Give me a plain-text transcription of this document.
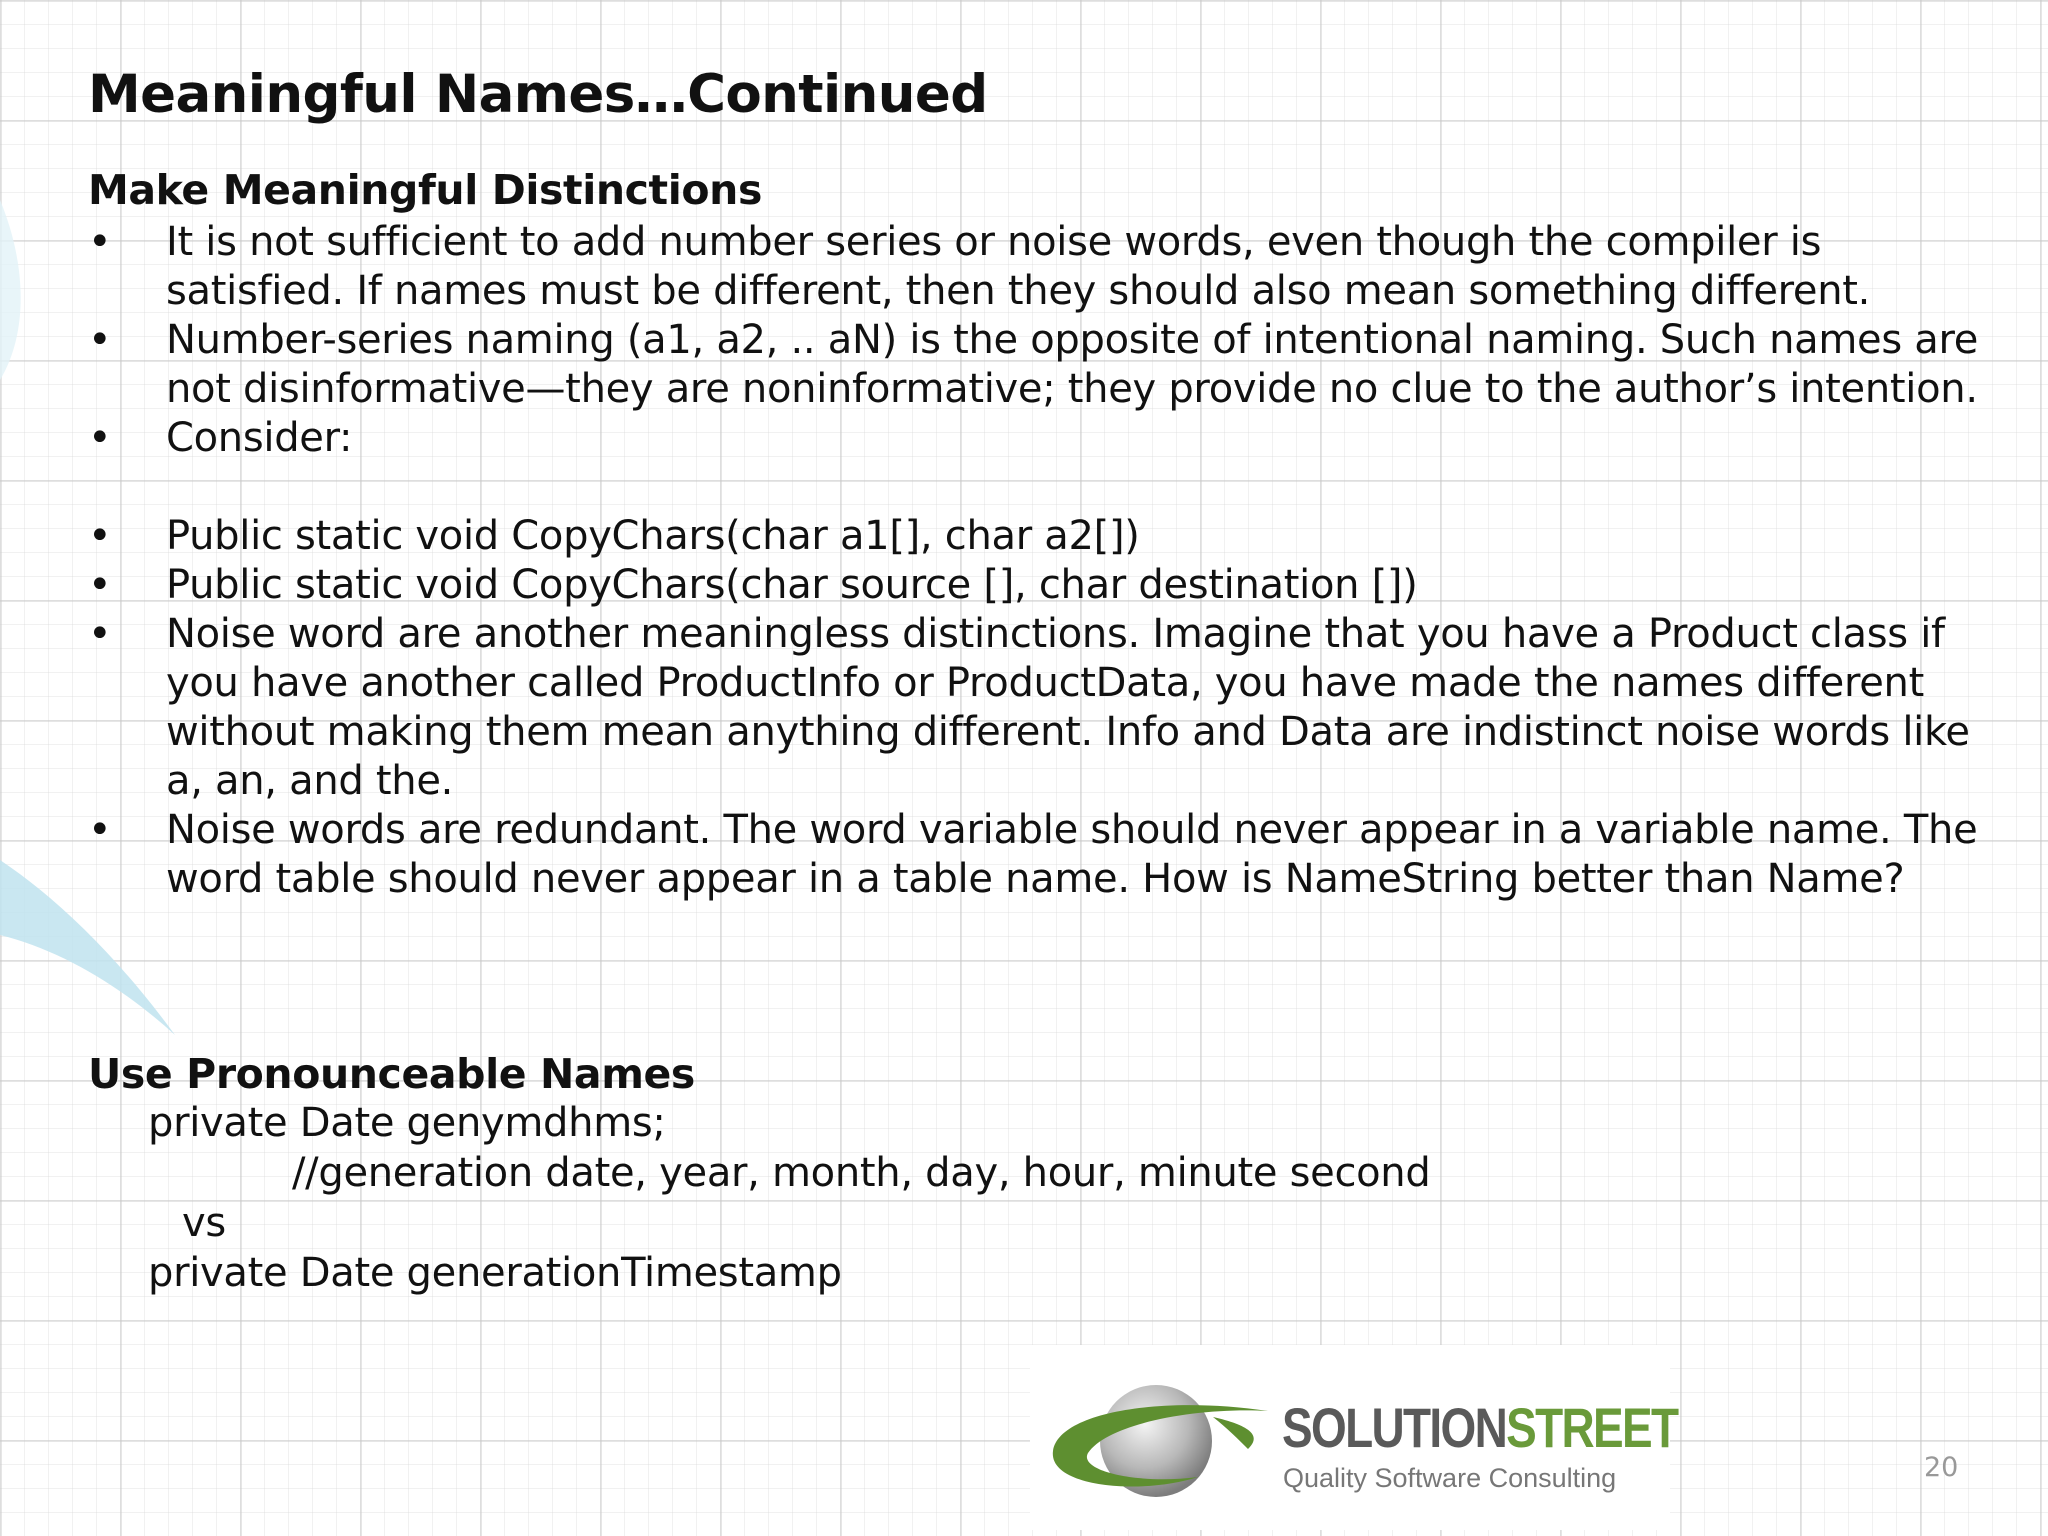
Meaningful Names…Continued
Make Meaningful Distinctions
•	It is not sufficient to add number series or noise words, even though the compiler is satisfied. If names must be different, then they should also mean something different.
•	Number-series naming (a1, a2, .. aN) is the opposite of intentional naming. Such names are not disinformative—they are noninformative; they provide no clue to the author’s intention.
•	Consider:
•	Public static void CopyChars(char a1[], char a2[])
•	Public static void CopyChars(char source [], char destination [])
•	Noise word are another meaningless distinctions. Imagine that you have a Product class if you have another called ProductInfo or ProductData, you have made the names different without making them mean anything different. Info and Data are indistinct noise words like a, an, and the.
•	Noise words are redundant. The word variable should never appear in a variable name. The word table should never appear in a table name. How is NameString better than Name?
Use Pronounceable Names
private Date genymdhms;
//generation date, year, month, day, hour, minute second
vs
private Date generationTimestamp
SOLUTIONSTREET
Quality Software Consulting	20
